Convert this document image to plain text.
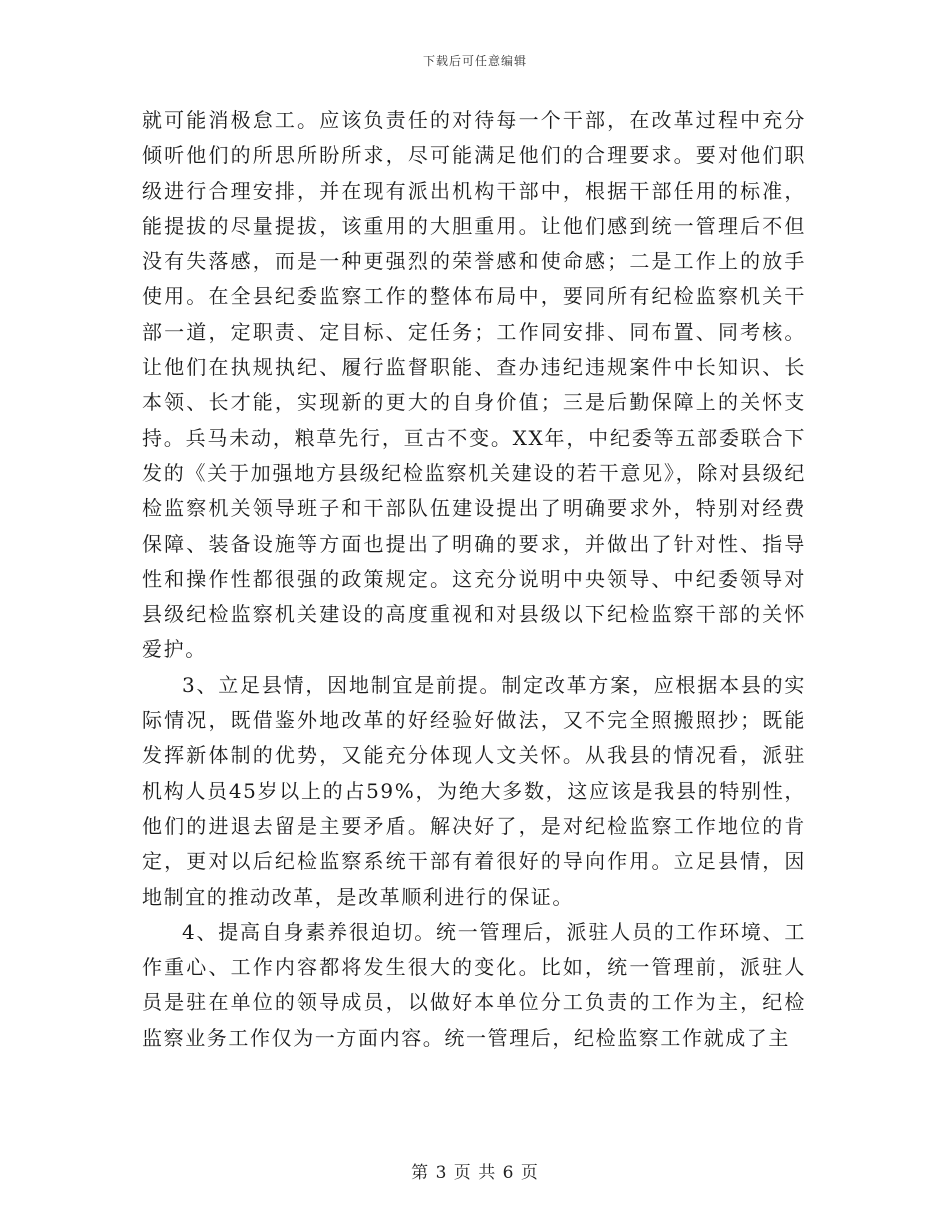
下载后可任意编辑

就可能消极怠工。应该负责任的对待每一个干部，在改革过程中充分倾听他们的所思所盼所求，尽可能满足他们的合理要求。要对他们职级进行合理安排，并在现有派出机构干部中，根据干部任用的标准，能提拔的尽量提拔，该重用的大胆重用。让他们感到统一管理后不但没有失落感，而是一种更强烈的荣誉感和使命感；二是工作上的放手使用。在全县纪委监察工作的整体布局中，要同所有纪检监察机关干部一道，定职责、定目标、定任务；工作同安排、同布置、同考核。让他们在执规执纪、履行监督职能、查办违纪违规案件中长知识、长本领、长才能，实现新的更大的自身价值；三是后勤保障上的关怀支持。兵马未动，粮草先行，亘古不变。XX年，中纪委等五部委联合下发的《关于加强地方县级纪检监察机关建设的若干意见》，除对县级纪检监察机关领导班子和干部队伍建设提出了明确要求外，特别对经费保障、装备设施等方面也提出了明确的要求，并做出了针对性、指导性和操作性都很强的政策规定。这充分说明中央领导、中纪委领导对县级纪检监察机关建设的高度重视和对县级以下纪检监察干部的关怀爱护。

3、立足县情，因地制宜是前提。制定改革方案，应根据本县的实际情况，既借鉴外地改革的好经验好做法，又不完全照搬照抄；既能发挥新体制的优势，又能充分体现人文关怀。从我县的情况看，派驻机构人员45岁以上的占59%，为绝大多数，这应该是我县的特别性，他们的进退去留是主要矛盾。解决好了，是对纪检监察工作地位的肯定，更对以后纪检监察系统干部有着很好的导向作用。立足县情，因地制宜的推动改革，是改革顺利进行的保证。

4、提高自身素养很迫切。统一管理后，派驻人员的工作环境、工作重心、工作内容都将发生很大的变化。比如，统一管理前，派驻人员是驻在单位的领导成员，以做好本单位分工负责的工作为主，纪检监察业务工作仅为一方面内容。统一管理后，纪检监察工作就成了主

第 3 页 共 6 页
